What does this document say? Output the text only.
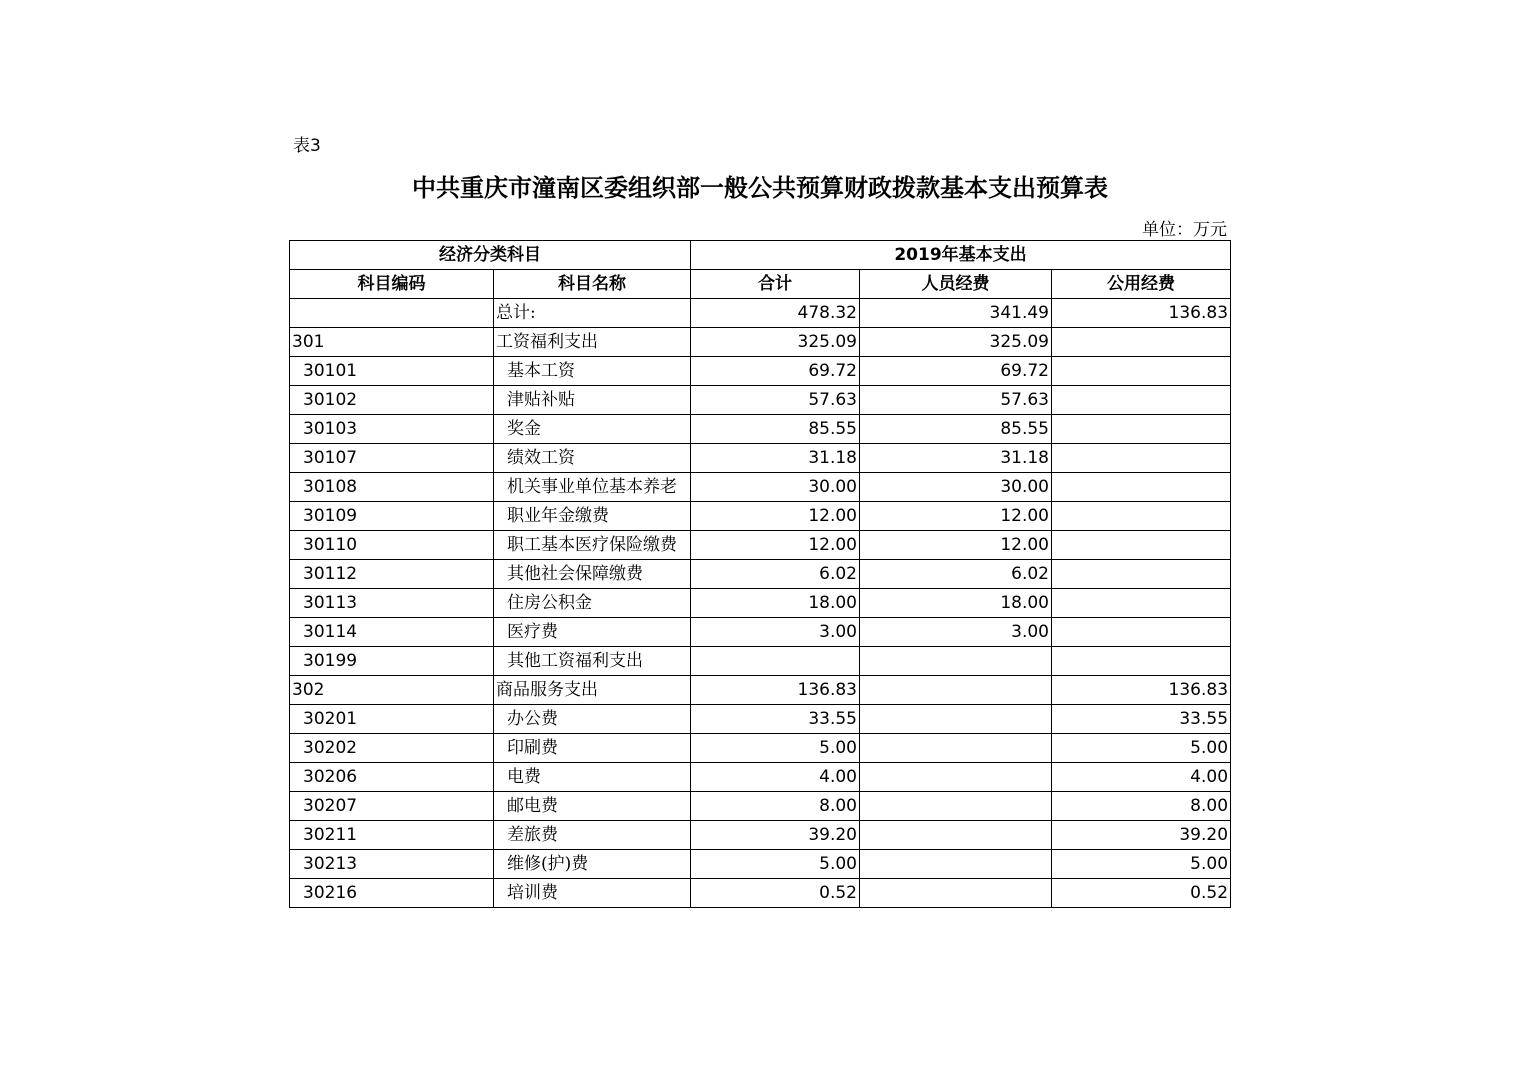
表3
中共重庆市潼南区委组织部一般公共预算财政拨款基本支出预算表
单位：万元
经济分类科目		2019年基本支出		
科目编码	科目名称	合计	人员经费	公用经费
	总计:	478.32	341.49	136.83
301	工资福利支出	325.09	325.09	
30101	基本工资	69.72	69.72	
30102	津贴补贴	57.63	57.63	
30103	奖金	85.55	85.55	
30107	绩效工资	31.18	31.18	
30108	机关事业单位基本养老	30.00	30.00	
30109	职业年金缴费	12.00	12.00	
30110	职工基本医疗保险缴费	12.00	12.00	
30112	其他社会保障缴费	6.02	6.02	
30113	住房公积金	18.00	18.00	
30114	医疗费	3.00	3.00	
30199	其他工资福利支出			
302	商品服务支出	136.83		136.83
30201	办公费	33.55		33.55
30202	印刷费	5.00		5.00
30206	电费	4.00		4.00
30207	邮电费	8.00		8.00
30211	差旅费	39.20		39.20
30213	维修(护)费	5.00		5.00
30216	培训费	0.52		0.52
